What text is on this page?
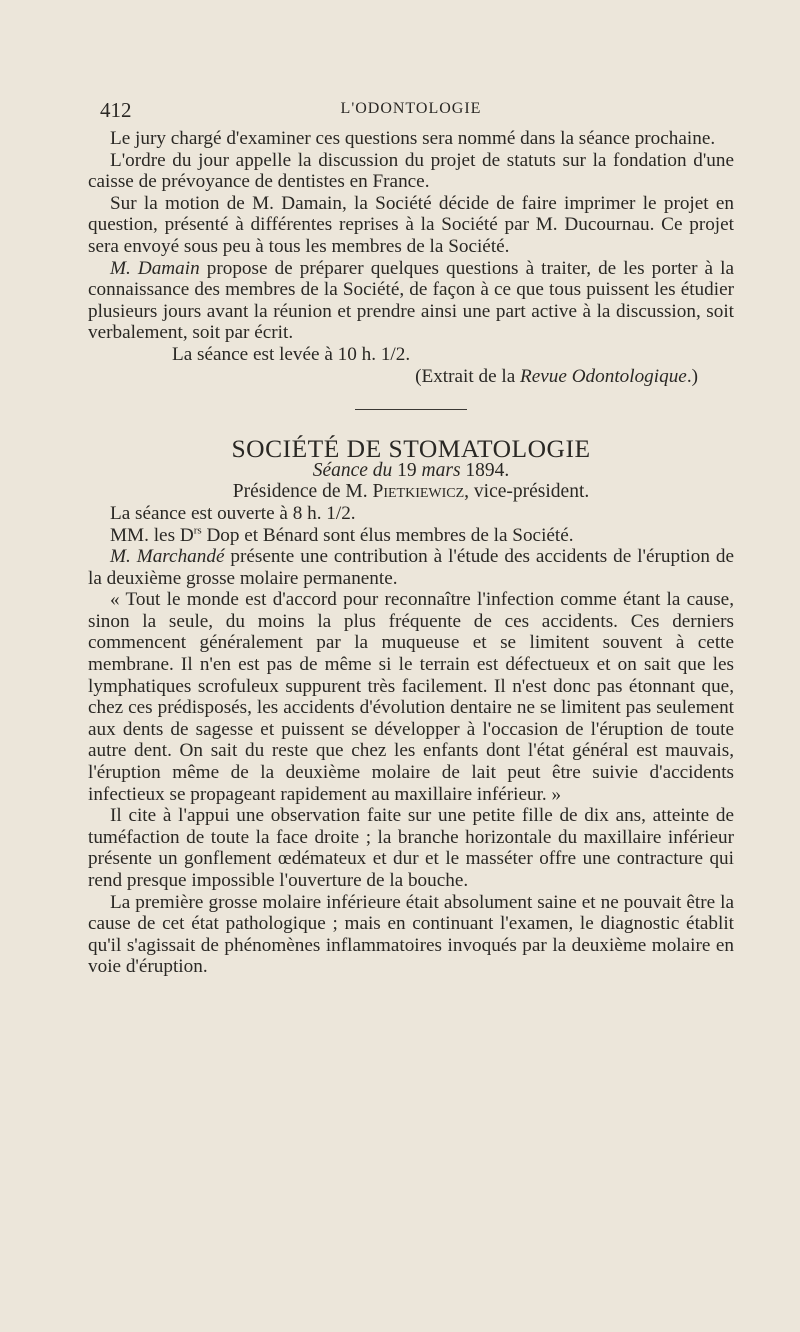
412	L'ODONTOLOGIE

Le jury chargé d'examiner ces questions sera nommé dans la séance prochaine.

L'ordre du jour appelle la discussion du projet de statuts sur la fondation d'une caisse de prévoyance de dentistes en France.

Sur la motion de M. Damain, la Société décide de faire imprimer le projet en question, présenté à différentes reprises à la Société par M. Ducournau. Ce projet sera envoyé sous peu à tous les membres de la Société.

M. Damain propose de préparer quelques questions à traiter, de les porter à la connaissance des membres de la Société, de façon à ce que tous puissent les étudier plusieurs jours avant la réunion et prendre ainsi une part active à la discussion, soit verbalement, soit par écrit.

La séance est levée à 10 h. 1/2.

(Extrait de la Revue Odontologique.)

SOCIÉTÉ DE STOMATOLOGIE

Séance du 19 mars 1894.

Présidence de M. Pietkiewicz, vice-président.

La séance est ouverte à 8 h. 1/2.

MM. les $D^{rs}$ Dop et Bénard sont élus membres de la Société.

M. Marchandé présente une contribution à l'étude des accidents de l'éruption de la deuxième grosse molaire permanente.

« Tout le monde est d'accord pour reconnaître l'infection comme étant la cause, sinon la seule, du moins la plus fréquente de ces accidents. Ces derniers commencent généralement par la muqueuse et se limitent souvent à cette membrane. Il n'en est pas de même si le terrain est défectueux et on sait que les lymphatiques scrofuleux suppurent très facilement. Il n'est donc pas étonnant que, chez ces prédisposés, les accidents d'évolution dentaire ne se limitent pas seulement aux dents de sagesse et puissent se développer à l'occasion de l'éruption de toute autre dent. On sait du reste que chez les enfants dont l'état général est mauvais, l'éruption même de la deuxième molaire de lait peut être suivie d'accidents infectieux se propageant rapidement au maxillaire inférieur. »

Il cite à l'appui une observation faite sur une petite fille de dix ans, atteinte de tuméfaction de toute la face droite ; la branche horizontale du maxillaire inférieur présente un gonflement œdémateux et dur et le masséter offre une contracture qui rend presque impossible l'ouverture de la bouche.

La première grosse molaire inférieure était absolument saine et ne pouvait être la cause de cet état pathologique ; mais en continuant l'examen, le diagnostic établit qu'il s'agissait de phénomènes inflammatoires invoqués par la deuxième molaire en voie d'éruption.
